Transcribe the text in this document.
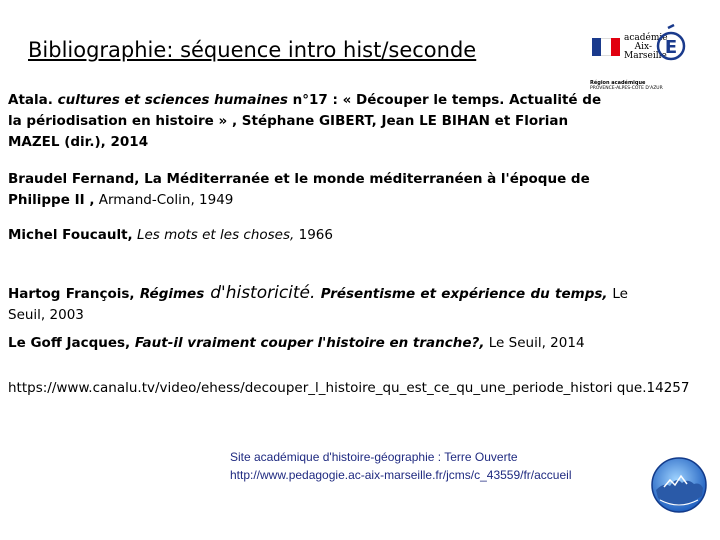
Bibliographie: séquence intro hist/seconde	académie
Aix-Marseille
E
Région académique
PROVENCE-ALPES-CÔTE D'AZUR
Atala. cultures et sciences humaines n°17 : « Découper le temps. Actualité de la périodisation en histoire » , Stéphane GIBERT, Jean LE BIHAN et Florian MAZEL (dir.), 2014
Braudel Fernand, La Méditerranée et le monde méditerranéen à l'époque de Philippe II , Armand-Colin, 1949
Michel Foucault, Les mots et les choses, 1966
Hartog François, Régimes d'historicité. Présentisme et expérience du temps, Le Seuil, 2003
Le Goff Jacques, Faut-il vraiment couper l'histoire en tranche?, Le Seuil, 2014
https://www.canalu.tv/video/ehess/decouper_l_histoire_qu_est_ce_qu_une_periode_histori que.14257
Site académique d'histoire-géographie : Terre Ouverte
http://www.pedagogie.ac-aix-marseille.fr/jcms/c_43559/fr/accueil
